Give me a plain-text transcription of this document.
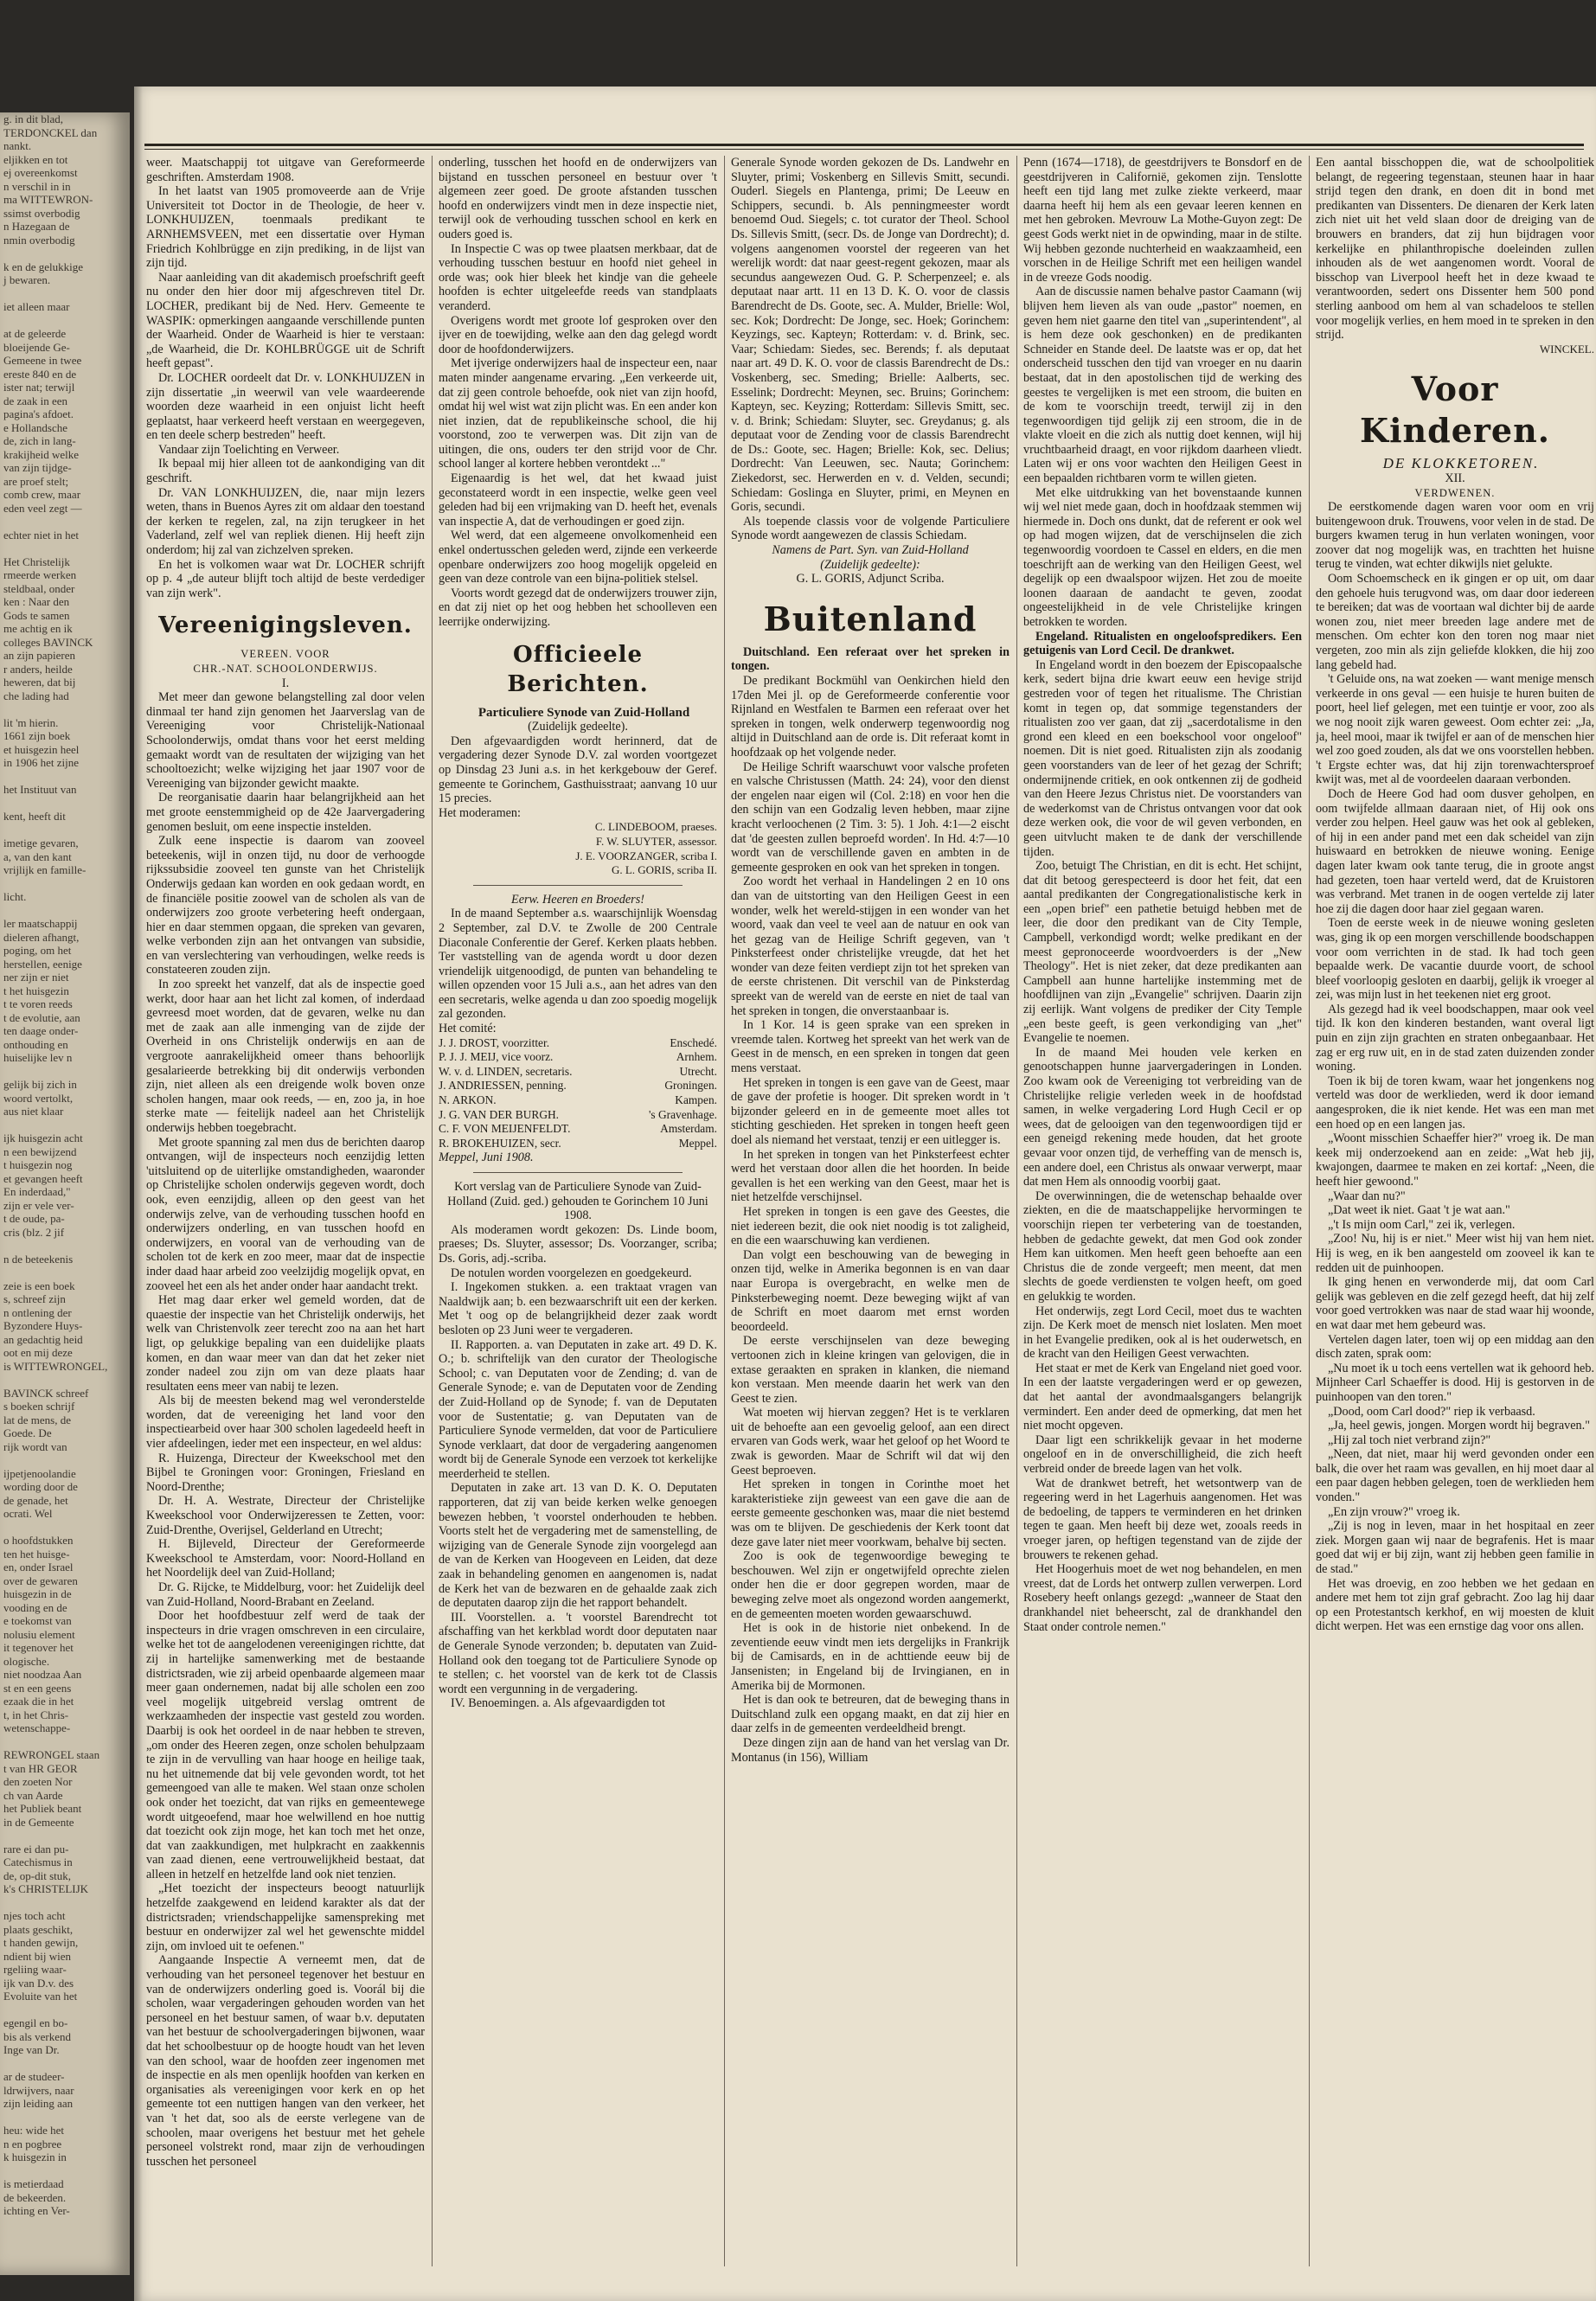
g. in dit blad,
TERDONCKEL dan
nankt.
eljikken en tot
ej overeenkomst
n verschil in in
ma WITTEWRON-
ssimst overbodig
n Hazegaan de
nmin overbodig

k en de gelukkige
j bewaren.

iet alleen maar

at de geleerde
bloeijende Ge-
Gemeene in twee
ereste 840 en de
ister nat; terwijl
de zaak in een
pagina's afdoet.
e Hollandsche
de, zich in lang-
krakijheid welke
van zijn tijdge-
are proef stelt;
comb crew, maar
eden veel zegt —

echter niet in het

Het Christelijk
rmeerde werken
steldbaal, onder
ken : Naar den
Gods te samen
me achtig en ik
colleges BAVINCK
an zijn papieren
r anders, heilde
heweren, dat bij
che lading had

lit 'm hierin.
1661 zijn boek
et huisgezin heel
in 1906 het zijne

het Instituut van

kent, heeft dit

imetige gevaren,
a, van den kant
vrijlijk en famille-

licht.

ler maatschappij
dieleren afhangt,
poging, om het
herstellen, eenige
ner zijn er niet
t het huisgezin
t te voren reeds
t de evolutie, aan
ten daage onder-
onthouding en
huiselijke lev n

gelijk bij zich in
woord vertolkt,
aus niet klaar

ijk huisgezin acht
n een bewijzend
t huisgezin nog
et gevangen heeft
En inderdaad,"
zijn er vele ver-
t de oude, pa-
cris (blz. 2 jif

n de beteekenis

zeie is een boek
s, schreef zijn
n ontlening der
Byzondere Huys-
an gedachtig heid
oot en mij deze
is WITTEWRONGEL,

BAVINCK schreef
s boeken schrijf
lat de mens, de
Goede. De
rijk wordt van

ijpetjenoolandie
wording door de
de genade, het
ocrati. Wel

o hoofdstukken
ten het huisge-
en, onder Israel
over de gewaren
huisgezin in de
vooding en de
e toekomst van
nolusiu element
it tegenover het
ologische.
niet noodzaa Aan
st en een geens
ezaak die in het
t, in het Chris-
wetenschappe-

REWRONGEL staan
t van HR GEOR
den zoeten Nor
ch van Aarde
het Publiek beant
in de Gemeente

rare ei dan pu-
Catechismus in
de, op-dit stuk,
k's CHRISTELIJK

njes toch acht
plaats geschikt,
t handen gewijn,
ndient bij wien
rgeliing waar-
ijk van D.v. des
Evoluite van het

egengil en bo-
bis als verkend
Inge van Dr.

ar de studeer-
ldrwijvers, naar
zijn leiding aan

heu: wide het
n en pogbree
k huisgezin in

is metierdaad
de bekeerden.
ichting en Ver-

weer. Maatschappij tot uitgave van Gereformeerde geschriften. Amsterdam 1908.

In het laatst van 1905 promoveerde aan de Vrije Universiteit tot Doctor in de Theologie, de heer v. LONKHUIJZEN, toenmaals predikant te ARNHEMSVEEN, met een dissertatie over Hyman Friedrich Kohlbrügge en zijn prediking, in de lijst van zijn tijd.

Naar aanleiding van dit akademisch proefschrift geeft nu onder den hier door mij afgeschreven titel Dr. LOCHER, predikant bij de Ned. Herv. Gemeente te WASPIK: opmerkingen aangaande verschillende punten der Waarheid. Onder de Waarheid is hier te verstaan: „de Waarheid, die Dr. KOHLBRÜGGE uit de Schrift heeft gepast".

Dr. LOCHER oordeelt dat Dr. v. LONKHUIJZEN in zijn dissertatie „in weerwil van vele waardeerende woorden deze waarheid in een onjuist licht heeft geplaatst, haar verkeerd heeft verstaan en weergegeven, en ten deele scherp bestreden" heeft.

Vandaar zijn Toelichting en Verweer.

Ik bepaal mij hier alleen tot de aankondiging van dit geschrift.

Dr. VAN LONKHUIJZEN, die, naar mijn lezers weten, thans in Buenos Ayres zit om aldaar den toestand der kerken te regelen, zal, na zijn terugkeer in het Vaderland, zelf wel van repliek dienen. Hij heeft zijn onderdom; hij zal van zichzelven spreken.

En het is volkomen waar wat Dr. LOCHER schrijft op p. 4 „de auteur blijft toch altijd de beste verdediger van zijn werk".

Vereenigingsleven.

VEREEN. VOOR

CHR.-NAT. SCHOOLONDERWIJS.

I.

Met meer dan gewone belangstelling zal door velen dinmaal ter hand zijn genomen het Jaarverslag van de Vereeniging voor Christelijk-Nationaal Schoolonderwijs, omdat thans voor het eerst melding gemaakt wordt van de resultaten der wijziging van het schooltoezicht; welke wijziging het jaar 1907 voor de Vereeniging van bijzonder gewicht maakte.

De reorganisatie daarin haar belangrijkheid aan het met groote eenstemmigheid op de 42e Jaarvergadering genomen besluit, om eene inspectie instelden.

Zulk eene inspectie is daarom van zooveel beteekenis, wijl in onzen tijd, nu door de verhoogde rijkssubsidie zooveel ten gunste van het Christelijk Onderwijs gedaan kan worden en ook gedaan wordt, en de financiële positie zoowel van de scholen als van de onderwijzers zoo groote verbetering heeft ondergaan, hier en daar stemmen opgaan, die spreken van gevaren, welke verbonden zijn aan het ontvangen van subsidie, en van verslechtering van verhoudingen, welke reeds is constateeren zouden zijn.

In zoo spreekt het vanzelf, dat als de inspectie goed werkt, door haar aan het licht zal komen, of inderdaad gevreesd moet worden, dat de gevaren, welke nu dan met de zaak aan alle inmenging van de zijde der Overheid in ons Christelijk onderwijs en aan de vergroote aanrakelijkheid omeer thans behoorlijk gesalarieerde betrekking bij dit onderwijs verbonden zijn, niet alleen als een dreigende wolk boven onze scholen hangen, maar ook reeds, — en, zoo ja, in hoe sterke mate — feitelijk nadeel aan het Christelijk onderwijs hebben toegebracht.

Met groote spanning zal men dus de berichten daarop ontvangen, wijl de inspecteurs noch eenzijdig letten 'uitsluitend op de uiterlijke omstandigheden, waaronder op Christelijke scholen onderwijs gegeven wordt, doch ook, even eenzijdig, alleen op den geest van het onderwijs zelve, van de verhouding tusschen hoofd en onderwijzers onderling, en van tusschen hoofd en onderwijzers, en vooral van de verhouding van de scholen tot de kerk en zoo meer, maar dat de inspectie inder daad haar arbeid zoo veelzijdig mogelijk opvat, en zooveel het een als het ander onder haar aandacht trekt.

Het mag daar erker wel gemeld worden, dat de quaestie der inspectie van het Christelijk onderwijs, het welk van Christenvolk zeer terecht zoo na aan het hart ligt, op gelukkige bepaling van een duidelijke plaats komen, en dan waar meer van dan dat het zeker niet zonder nadeel zou zijn om van deze plaats haar resultaten eens meer van nabij te lezen.

Als bij de meesten bekend mag wel veronderstelde worden, dat de vereeniging het land voor den inspectiearbeid over haar 300 scholen lagedeeld heeft in vier afdeelingen, ieder met een inspecteur, en wel aldus:

R. Huizenga, Directeur der Kweekschool met den Bijbel te Groningen voor: Groningen, Friesland en Noord-Drenthe;

Dr. H. A. Westrate, Directeur der Christelijke Kweekschool voor Onderwijzeressen te Zetten, voor: Zuid-Drenthe, Overijsel, Gelderland en Utrecht;

H. Bijleveld, Directeur der Gereformeerde Kweekschool te Amsterdam, voor: Noord-Holland en het Noordelijk deel van Zuid-Holland;

Dr. G. Rijcke, te Middelburg, voor: het Zuidelijk deel van Zuid-Holland, Noord-Brabant en Zeeland.

Door het hoofdbestuur zelf werd de taak der inspecteurs in drie vragen omschreven in een circulaire, welke het tot de aangelodenen vereenigingen richtte, dat zij in hartelijke samenwerking met de bestaande districtsraden, wie zij arbeid openbaarde algemeen maar meer gaan ondernemen, nadat bij alle scholen een zoo veel mogelijk uitgebreid verslag omtrent de werkzaamheden der inspectie vast gesteld zou worden. Daarbij is ook het oordeel in de naar hebben te streven, „om onder des Heeren zegen, onze scholen behulpzaam te zijn in de vervulling van haar hooge en heilige taak, nu het uitnemende dat bij vele gevonden wordt, tot het gemeengoed van alle te maken. Wel staan onze scholen ook onder het toezicht, dat van rijks en gemeentewege wordt uitgeoefend, maar hoe welwillend en hoe nuttig dat toezicht ook zijn moge, het kan toch met het onze, dat van zaakkundigen, met hulpkracht en zaakkennis van zaad dienen, eene vertrouwelijkheid bestaat, dat alleen in hetzelf en hetzelfde land ook niet tenzien.

„Het toezicht der inspecteurs beoogt natuurlijk hetzelfde zaakgewend en leidend karakter als dat der districtsraden; vriendschappelijke samenspreking met bestuur en onderwijzer zal wel het gewenschte middel zijn, om invloed uit te oefenen."

Aangaande Inspectie A verneemt men, dat de verhouding van het personeel tegenover het bestuur en van de onderwijzers onderling goed is. Voorál bij die scholen, waar vergaderingen gehouden worden van het personeel en het bestuur samen, of waar b.v. deputaten van het bestuur de schoolvergaderingen bijwonen, waar dat het schoolbestuur op de hoogte houdt van het leven van den school, waar de hoofden zeer ingenomen met de inspectie en als men openlijk hoofden van kerken en organisaties als vereenigingen voor kerk en op het gemeente tot een nuttigen hangen van den verkeer, het van 't het dat, soo als de eerste verlegene van de schoolen, maar overigens het bestuur met het gehele personeel volstrekt rond, maar zijn de verhoudingen tusschen het personeel

onderling, tusschen het hoofd en de onderwijzers van bijstand en tusschen personeel en bestuur over 't algemeen zeer goed. De groote afstanden tusschen hoofd en onderwijzers vindt men in deze inspectie niet, terwijl ook de verhouding tusschen school en kerk en ouders goed is.

In Inspectie C was op twee plaatsen merkbaar, dat de verhouding tusschen bestuur en hoofd niet geheel in orde was; ook hier bleek het kindje van die geheele hoofden is echter uitgeleefde reeds van standplaats veranderd.

Overigens wordt met groote lof gesproken over den ijver en de toewijding, welke aan den dag gelegd wordt door de hoofdonderwijzers.

Met ijverige onderwijzers haal de inspecteur een, naar maten minder aangename ervaring. „Een verkeerde uit, dat zij geen controle behoefde, ook niet van zijn hoofd, omdat hij wel wist wat zijn plicht was. En een ander kon niet inzien, dat de republikeinsche school, die hij voorstond, zoo te verwerpen was. Dit zijn van de uitingen, die ons, ouders ter den strijd voor de Chr. school langer al kortere hebben verontdekt ..."

Eigenaardig is het wel, dat het kwaad juist geconstateerd wordt in een inspectie, welke geen veel geleden had bij een vrijmaking van D. heeft het, evenals van inspectie A, dat de verhoudingen er goed zijn.

Wel werd, dat een algemeene onvolkomenheid een enkel ondertusschen geleden werd, zijnde een verkeerde openbare onderwijzers zoo hoog mogelijk opgeleid en geen van deze controle van een bijna-politiek stelsel.

Voorts wordt gezegd dat de onderwijzers trouwer zijn, en dat zij niet op het oog hebben het schoolleven een leerrijke onderwijzing.

Officieele Berichten.

Particuliere Synode van Zuid-Holland

(Zuidelijk gedeelte).

Den afgevaardigden wordt herinnerd, dat de vergadering dezer Synode D.V. zal worden voortgezet op Dinsdag 23 Juni a.s. in het kerkgebouw der Geref. gemeente te Gorinchem, Gasthuisstraat; aanvang 10 uur 15 precies.

Het moderamen:

C. LINDEBOOM, praeses.

F. W. SLUYTER, assessor.

J. E. VOORZANGER, scriba I.

G. L. GORIS, scriba II.

Eerw. Heeren en Broeders!

In de maand September a.s. waarschijnlijk Woensdag 2 September, zal D.V. te Zwolle de 200 Centrale Diaconale Conferentie der Geref. Kerken plaats hebben. Ter vaststelling van de agenda wordt u door dezen vriendelijk uitgenoodigd, de punten van behandeling te willen opzenden voor 15 Juli a.s., aan het adres van den een secretaris, welke agenda u dan zoo spoedig mogelijk zal gezonden.

Het comité:

J. J. DROST, voorzitter.	Enschedé.
P. J. J. MEIJ, vice voorz.	Arnhem.
W. v. d. LINDEN, secretaris.	Utrecht.
J. ANDRIESSEN, penning.	Groningen.
N. ARKON.	Kampen.
J. G. VAN DER BURGH.	's Gravenhage.
C. F. VON MEIJENFELDT.	Amsterdam.
R. BROKEHUIZEN, secr.	Meppel.

Meppel, Juni 1908.

Kort verslag van de Particuliere Synode van Zuid-Holland (Zuid. ged.) gehouden te Gorinchem 10 Juni 1908.

Als moderamen wordt gekozen: Ds. Linde boom, praeses; Ds. Sluyter, assessor; Ds. Voorzanger, scriba; Ds. Goris, adj.-scriba.

De notulen worden voorgelezen en goedgekeurd.

I. Ingekomen stukken. a. een traktaat vragen van Naaldwijk aan; b. een bezwaarschrift uit een der kerken. Met 't oog op de belangrijkheid dezer zaak wordt besloten op 23 Juni weer te vergaderen.

II. Rapporten. a. van Deputaten in zake art. 49 D. K. O.; b. schriftelijk van den curator der Theologische School; c. van Deputaten voor de Zending; d. van de Generale Synode; e. van de Deputaten voor de Zending der Zuid-Holland op de Synode; f. van de Deputaten voor de Sustentatie; g. van Deputaten van de Particuliere Synode vermelden, dat voor de Particuliere Synode verklaart, dat door de vergadering aangenomen wordt bij de Generale Synode een verzoek tot kerkelijke meerderheid te stellen.

Deputaten in zake art. 13 van D. K. O. Deputaten rapporteren, dat zij van beide kerken welke genoegen bewezen hebben, 't voorstel onderhouden te hebben. Voorts stelt het de vergadering met de samenstelling, de wijziging van de Generale Synode zijn voorgelegd aan de van de Kerken van Hoogeveen en Leiden, dat deze zaak in behandeling genomen en aangenomen is, nadat de Kerk het van de bezwaren en de gehaalde zaak zich de deputaten daarop zijn die het rapport behandelt.

III. Voorstellen. a. 't voorstel Barendrecht tot afschaffing van het kerkblad wordt door deputaten naar de Generale Synode verzonden; b. deputaten van Zuid-Holland ook den toegang tot de Particuliere Synode op te stellen; c. het voorstel van de kerk tot de Classis wordt een vergunning in de vergadering.

IV. Benoemingen. a. Als afgevaardigden tot

Generale Synode worden gekozen de Ds. Landwehr en Sluyter, primi; Voskenberg en Sillevis Smitt, secundi. Ouderl. Siegels en Plantenga, primi; De Leeuw en Schippers, secundi. b. Als penningmeester wordt benoemd Oud. Siegels; c. tot curator der Theol. School Ds. Sillevis Smitt, (secr. Ds. de Jonge van Dordrecht); d. volgens aangenomen voorstel der regeeren van het werelijk wordt: dat naar geest-regent gekozen, maar als secundus aangewezen Oud. G. P. Scherpenzeel; e. als deputaat naar artt. 11 en 13 D. K. O. voor de classis Barendrecht de Ds. Goote, sec. A. Mulder, Brielle: Wol, sec. Kok; Dordrecht: De Jonge, sec. Hoek; Gorinchem: Keyzings, sec. Kapteyn; Rotterdam: v. d. Brink, sec. Vaar; Schiedam: Siedes, sec. Berends; f. als deputaat naar art. 49 D. K. O. voor de classis Barendrecht de Ds.: Voskenberg, sec. Smeding; Brielle: Aalberts, sec. Esselink; Dordrecht: Meynen, sec. Bruins; Gorinchem: Kapteyn, sec. Keyzing; Rotterdam: Sillevis Smitt, sec. v. d. Brink; Schiedam: Sluyter, sec. Greydanus; g. als deputaat voor de Zending voor de classis Barendrecht de Ds.: Goote, sec. Hagen; Brielle: Kok, sec. Delius; Dordrecht: Van Leeuwen, sec. Nauta; Gorinchem: Ziekedorst, sec. Herwerden en v. d. Velden, secundi; Schiedam: Goslinga en Sluyter, primi, en Meynen en Goris, secundi.

Als toepende classis voor de volgende Particuliere Synode wordt aangewezen de classis Schiedam.

Namens de Part. Syn. van Zuid-Holland

(Zuidelijk gedeelte):

G. L. GORIS, Adjunct Scriba.

Buitenland

Duitschland. Een referaat over het spreken in tongen.

De predikant Bockmühl van Oenkirchen hield den 17den Mei jl. op de Gereformeerde conferentie voor Rijnland en Westfalen te Barmen een referaat over het spreken in tongen, welk onderwerp tegenwoordig nog altijd in Duitschland aan de orde is. Dit referaat komt in hoofdzaak op het volgende neder.

De Heilige Schrift waarschuwt voor valsche profeten en valsche Christussen (Matth. 24: 24), voor den dienst der engelen naar eigen wil (Col. 2:18) en voor hen die den schijn van een Godzalig leven hebben, maar zijne kracht verloochenen (2 Tim. 3: 5). 1 Joh. 4:1—2 eischt dat 'de geesten zullen beproefd worden'. In Hd. 4:7—10 wordt van de verschillende gaven en ambten in de gemeente gesproken en ook van het spreken in tongen.

Zoo wordt het verhaal in Handelingen 2 en 10 ons dan van de uitstorting van den Heiligen Geest in een wonder, welk het wereld-stijgen in een wonder van het woord, vaak dan veel te veel aan de natuur en ook van het gezag van de Heilige Schrift gegeven, van 't Pinksterfeest onder christelijke vreugde, dat het het wonder van deze feiten verdiept zijn tot het spreken van de eerste christenen. Dit verschil van de Pinksterdag spreekt van de wereld van de eerste en niet de taal van het spreken in tongen, die onverstaanbaar is.

In 1 Kor. 14 is geen sprake van een spreken in vreemde talen. Kortweg het spreekt van het werk van de Geest in de mensch, en een spreken in tongen dat geen mens verstaat.

Het spreken in tongen is een gave van de Geest, maar de gave der profetie is hooger. Dit spreken wordt in 't bijzonder geleerd en in de gemeente moet alles tot stichting geschieden. Het spreken in tongen heeft geen doel als niemand het verstaat, tenzij er een uitlegger is.

In het spreken in tongen van het Pinksterfeest echter werd het verstaan door allen die het hoorden. In beide gevallen is het een werking van den Geest, maar het is niet hetzelfde verschijnsel.

Het spreken in tongen is een gave des Geestes, die niet iedereen bezit, die ook niet noodig is tot zaligheid, en die een waarschuwing kan verdienen.

Dan volgt een beschouwing van de beweging in onzen tijd, welke in Amerika begonnen is en van daar naar Europa is overgebracht, en welke men de Pinksterbeweging noemt. Deze beweging wijkt af van de Schrift en moet daarom met ernst worden beoordeeld.

De eerste verschijnselen van deze beweging vertoonen zich in kleine kringen van gelovigen, die in extase geraakten en spraken in klanken, die niemand kon verstaan. Men meende daarin het werk van den Geest te zien.

Wat moeten wij hiervan zeggen? Het is te verklaren uit de behoefte aan een gevoelig geloof, aan een direct ervaren van Gods werk, waar het geloof op het Woord te zwak is geworden. Maar de Schrift wil dat wij den Geest beproeven.

Het spreken in tongen in Corinthe moet het karakteristieke zijn geweest van een gave die aan de eerste gemeente geschonken was, maar die niet bestemd was om te blijven. De geschiedenis der Kerk toont dat deze gave later niet meer voorkwam, behalve bij secten.

Zoo is ook de tegenwoordige beweging te beschouwen. Wel zijn er ongetwijfeld oprechte zielen onder hen die er door gegrepen worden, maar de beweging zelve moet als ongezond worden aangemerkt, en de gemeenten moeten worden gewaarschuwd.

Het is ook in de historie niet onbekend. In de zeventiende eeuw vindt men iets dergelijks in Frankrijk bij de Camisards, en in de achttiende eeuw bij de Jansenisten; in Engeland bij de Irvingianen, en in Amerika bij de Mormonen.

Het is dan ook te betreuren, dat de beweging thans in Duitschland zulk een opgang maakt, en dat zij hier en daar zelfs in de gemeenten verdeeldheid brengt.

Deze dingen zijn aan de hand van het verslag van Dr. Montanus (in 156), William

Penn (1674—1718), de geestdrijvers te Bonsdorf en de geestdrijveren in Californië, gekomen zijn. Tenslotte heeft een tijd lang met zulke ziekte verkeerd, maar daarna heeft hij hem als een gevaar leeren kennen en met hen gebroken. Mevrouw La Mothe-Guyon zegt: De geest Gods werkt niet in de opwinding, maar in de stilte. Wij hebben gezonde nuchterheid en waakzaamheid, een vorschen in de Heilige Schrift met een heiligen wandel in de vreeze Gods noodig.

Aan de discussie namen behalve pastor Caamann (wij blijven hem lieven als van oude „pastor" noemen, en geven hem niet gaarne den titel van „superintendent", al is hem deze ook geschonken) en de predikanten Schneider en Stande deel. De laatste was er op, dat het onderscheid tusschen den tijd van vroeger en nu daarin bestaat, dat in den apostolischen tijd de werking des geestes te vergelijken is met een stroom, die buiten en de kom te voorschijn treedt, terwijl zij in den tegenwoordigen tijd gelijk zij een stroom, die in de vlakte vloeit en die zich als nuttig doet kennen, wijl hij vruchtbaarheid draagt, en voor rijkdom daarheen vliedt. Laten wij er ons voor wachten den Heiligen Geest in een bepaalden richtbaren vorm te willen gieten.

Met elke uitdrukking van het bovenstaande kunnen wij wel niet mede gaan, doch in hoofdzaak stemmen wij hiermede in. Doch ons dunkt, dat de referent er ook wel op had mogen wijzen, dat de verschijnselen die zich tegenwoordig voordoen te Cassel en elders, en die men toeschrijft aan de werking van den Heiligen Geest, wel degelijk op een dwaalspoor wijzen. Het zou de moeite loonen daaraan de aandacht te geven, zoodat ongeestelijkheid in de vele Christelijke kringen betrokken te worden.

Engeland. Ritualisten en ongeloofspredikers. Een getuigenis van Lord Cecil. De drankwet.

In Engeland wordt in den boezem der Episcopaalsche kerk, sedert bijna drie kwart eeuw een hevige strijd gestreden voor of tegen het ritualisme. The Christian komt in tegen op, dat sommige tegenstanders der ritualisten zoo ver gaan, dat zij „sacerdotalisme in den grond een kleed en een boekschool voor ongeloof" noemen. Dit is niet goed. Ritualisten zijn als zoodanig geen voorstanders van de leer of het gezag der Schrift; ondermijnende critiek, en ook ontkennen zij de godheid van den Heere Jezus Christus niet. De voorstanders van de wederkomst van de Christus ontvangen voor dat ook deze werken ook, die voor de wil geven verbonden, en geen uitvlucht maken te de dank der verschillende tijden.

Zoo, betuigt The Christian, en dit is echt. Het schijnt, dat dit betoog gerespecteerd is door het feit, dat een aantal predikanten der Congregationalistische kerk in een „open brief" een pathetie betuigd hebben met de leer, die door den predikant van de City Temple, Campbell, verkondigd wordt; welke predikant en der meest gepronoceerde woordvoerders is der „New Theology". Het is niet zeker, dat deze predikanten aan Campbell aan hunne hartelijke instemming met de hoofdlijnen van zijn „Evangelie" schrijven. Daarin zijn zij eerlijk. Want volgens de prediker der City Temple „een beste geeft, is geen verkondiging van „het" Evangelie te noemen.

In de maand Mei houden vele kerken en genootschappen hunne jaarvergaderingen in Londen. Zoo kwam ook de Vereeniging tot verbreiding van de Christelijke religie verleden week in de hoofdstad samen, in welke vergadering Lord Hugh Cecil er op wees, dat de gelooigen van den tegenwoordigen tijd er een geneigd rekening mede houden, dat het groote gevaar voor onzen tijd, de verheffing van de mensch is, een andere doel, een Christus als onwaar verwerpt, maar dat men Hem als onnoodig voorbij gaat.

De overwinningen, die de wetenschap behaalde over ziekten, en die de maatschappelijke hervormingen te voorschijn riepen ter verbetering van de toestanden, hebben de gedachte gewekt, dat men God ook zonder Hem kan uitkomen. Men heeft geen behoefte aan een Christus die de zonde vergeeft; men meent, dat men slechts de goede verdiensten te volgen heeft, om goed en gelukkig te worden.

Het onderwijs, zegt Lord Cecil, moet dus te wachten zijn. De Kerk moet de mensch niet loslaten. Men moet in het Evangelie prediken, ook al is het ouderwetsch, en de kracht van den Heiligen Geest verwachten.

Het staat er met de Kerk van Engeland niet goed voor. In een der laatste vergaderingen werd er op gewezen, dat het aantal der avondmaalsgangers belangrijk vermindert. Een ander deed de opmerking, dat men het niet mocht opgeven.

Daar ligt een schrikkelijk gevaar in het moderne ongeloof en in de onverschilligheid, die zich heeft verbreid onder de breede lagen van het volk.

Wat de drankwet betreft, het wetsontwerp van de regeering werd in het Lagerhuis aangenomen. Het was de bedoeling, de tappers te verminderen en het drinken tegen te gaan. Men heeft bij deze wet, zooals reeds in vroeger jaren, op heftigen tegenstand van de zijde der brouwers te rekenen gehad.

Het Hoogerhuis moet de wet nog behandelen, en men vreest, dat de Lords het ontwerp zullen verwerpen. Lord Rosebery heeft onlangs gezegd: „wanneer de Staat den drankhandel niet beheerscht, zal de drankhandel den Staat onder controle nemen."

Een aantal bisschoppen die, wat de schoolpolitiek belangt, de regeering tegenstaan, steunen haar in haar strijd tegen den drank, en doen dit in bond met predikanten van Dissenters. De dienaren der Kerk laten zich niet uit het veld slaan door de dreiging van de brouwers en branders, dat zij hun bijdragen voor kerkelijke en philanthropische doeleinden zullen inhouden als de wet aangenomen wordt. Vooral de bisschop van Liverpool heeft het in deze kwaad te verantwoorden, sedert ons Dissenter hem 500 pond sterling aanbood om hem al van schadeloos te stellen voor mogelijk verlies, en hem moed in te spreken in den strijd.

WINCKEL.

Voor Kinderen.

DE KLOKKETOREN.

XII.

VERDWENEN.

De eerstkomende dagen waren voor oom en vrij buitengewoon druk. Trouwens, voor velen in de stad. De burgers kwamen terug in hun verlaten woningen, voor zoover dat nog mogelijk was, en trachtten het huisne terug te vinden, wat echter dikwijls niet gelukte.

Oom Schoemscheck en ik gingen er op uit, om daar den gehoele huis terugvond was, om daar door iedereen te bereiken; dat was de voortaan wal dichter bij de aarde wonen zou, niet meer breeden lage andere met de menschen. Om echter kon den toren nog maar niet vergeten, zoo min als zijn geliefde klokken, die hij zoo lang gebeld had.

't Geluide ons, na wat zoeken — want menige mensch verkeerde in ons geval — een huisje te huren buiten de poort, heel lief gelegen, met een tuintje er voor, zoo als we nog nooit zijk waren geweest. Oom echter zei: „Ja, ja, heel mooi, maar ik twijfel er aan of de menschen hier wel zoo goed zouden, als dat we ons voorstellen hebben. 't Ergste echter was, dat hij zijn torenwachtersproef kwijt was, met al de voordeelen daaraan verbonden.

Doch de Heere God had oom dusver geholpen, en oom twijfelde allmaan daaraan niet, of Hij ook ons verder zou helpen. Heel gauw was het ook al gebleken, of hij in een ander pand met een dak scheidel van zijn huiswaard en betrokken de nieuwe woning. Eenige dagen later kwam ook tante terug, die in groote angst had gezeten, toen haar verteld werd, dat de Kruistoren was verbrand. Met tranen in de oogen vertelde zij later hoe zij die dagen door haar ziel gegaan waren.

Toen de eerste week in de nieuwe woning gesleten was, ging ik op een morgen verschillende boodschappen voor oom verrichten in de stad. Ik had toch geen bepaalde werk. De vacantie duurde voort, de school bleef voorloopig gesloten en daarbij, gelijk ik vroeger al zei, was mijn lust in het teekenen niet erg groot.

Als gezegd had ik veel boodschappen, maar ook veel tijd. Ik kon den kinderen bestanden, want overal ligt puin en zijn zijn grachten en straten onbegaanbaar. Het zag er erg ruw uit, en in de stad zaten duizenden zonder woning.

Toen ik bij de toren kwam, waar het jongenkens nog verteld was door de werklieden, werd ik door iemand aangesproken, die ik niet kende. Het was een man met een hoed op en een langen jas.

„Woont misschien Schaeffer hier?" vroeg ik. De man keek mij onderzoekend aan en zeide: „Wat heb jij, kwajongen, daarmee te maken en zei kortaf: „Neen, die heeft hier gewoond."

„Waar dan nu?"

„Dat weet ik niet. Gaat 't je wat aan."

„'t Is mijn oom Carl," zei ik, verlegen.

„Zoo! Nu, hij is er niet." Meer wist hij van hem niet. Hij is weg, en ik ben aangesteld om zooveel ik kan te redden uit de puinhoopen.

Ik ging henen en verwonderde mij, dat oom Carl gelijk was gebleven en die zelf gezegd heeft, dat hij zelf voor goed vertrokken was naar de stad waar hij woonde, en wat daar met hem gebeurd was.

Vertelen dagen later, toen wij op een middag aan den disch zaten, sprak oom:

„Nu moet ik u toch eens vertellen wat ik gehoord heb. Mijnheer Carl Schaeffer is dood. Hij is gestorven in de puinhoopen van den toren."

„Dood, oom Carl dood?" riep ik verbaasd.

„Ja, heel gewis, jongen. Morgen wordt hij begraven."

„Hij zal toch niet verbrand zijn?"

„Neen, dat niet, maar hij werd gevonden onder een balk, die over het raam was gevallen, en hij moet daar al een paar dagen hebben gelegen, toen de werklieden hem vonden."

„En zijn vrouw?" vroeg ik.

„Zij is nog in leven, maar in het hospitaal en zeer ziek. Morgen gaan wij naar de begrafenis. Het is maar goed dat wij er bij zijn, want zij hebben geen familie in de stad."

Het was droevig, en zoo hebben we het gedaan en andere met hem tot zijn graf gebracht. Zoo lag hij daar op een Protestantsch kerkhof, en wij moesten de kluit dicht werpen. Het was een ernstige dag voor ons allen.
